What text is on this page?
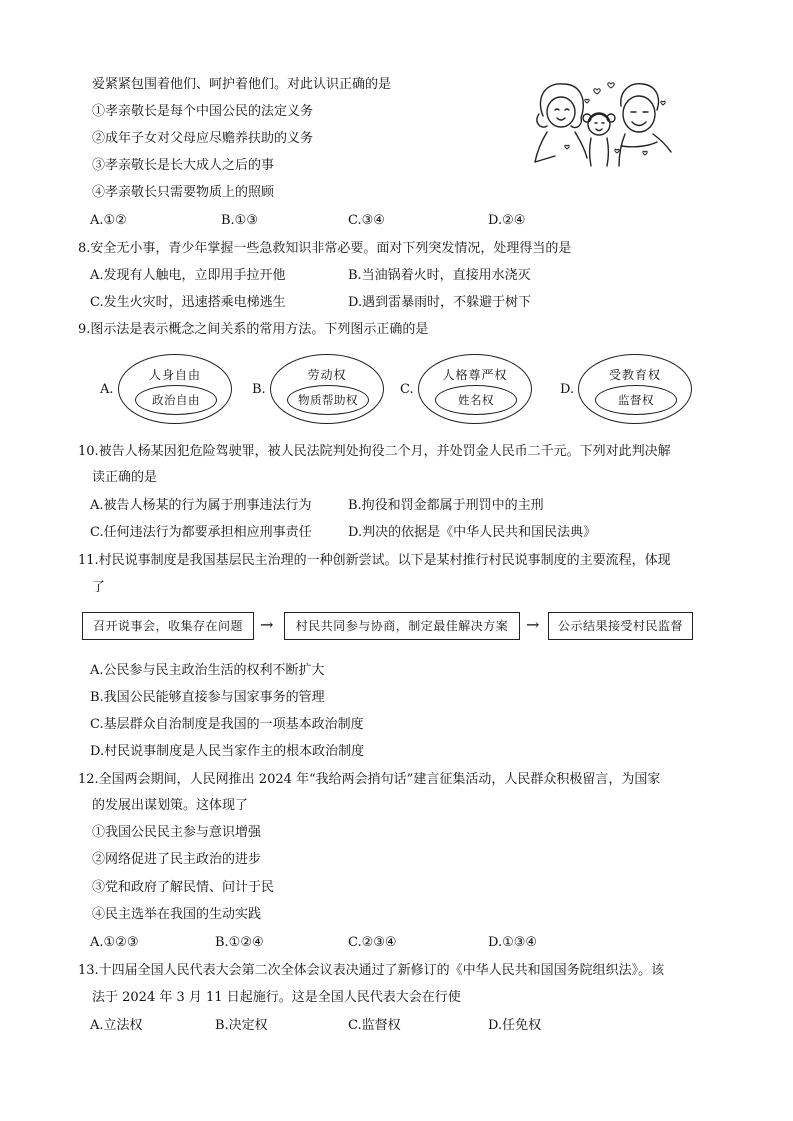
爱紧紧包围着他们、呵护着他们。对此认识正确的是
①孝亲敬长是每个中国公民的法定义务
②成年子女对父母应尽赡养扶助的义务
③孝亲敬长是长大成人之后的事
④孝亲敬长只需要物质上的照顾
A.①②	B.①③	C.③④	D.②④
8.安全无小事，青少年掌握一些急救知识非常必要。面对下列突发情况，处理得当的是
A.发现有人触电，立即用手拉开他	B.当油锅着火时，直接用水浇灭
C.发生火灾时，迅速搭乘电梯逃生	D.遇到雷暴雨时，不躲避于树下
9.图示法是表示概念之间关系的常用方法。下列图示正确的是
A.
人身自由
政治自由
B.
劳动权
物质帮助权
C.
人格尊严权
姓名权
D.
受教育权
监督权
10.被告人杨某因犯危险驾驶罪，被人民法院判处拘役二个月，并处罚金人民币二千元。下列对此判决解
读正确的是
A.被告人杨某的行为属于刑事违法行为	B.拘役和罚金都属于刑罚中的主刑
C.任何违法行为都要承担相应刑事责任	D.判决的依据是《中华人民共和国民法典》
11.村民说事制度是我国基层民主治理的一种创新尝试。以下是某村推行村民说事制度的主要流程，体现
了
召开说事会，收集存在问题	→	村民共同参与协商，制定最佳解决方案	→	公示结果接受村民监督
A.公民参与民主政治生活的权利不断扩大
B.我国公民能够直接参与国家事务的管理
C.基层群众自治制度是我国的一项基本政治制度
D.村民说事制度是人民当家作主的根本政治制度
12.全国两会期间，人民网推出 2024 年“我给两会捎句话”建言征集活动，人民群众积极留言，为国家
的发展出谋划策。这体现了
①我国公民民主参与意识增强
②网络促进了民主政治的进步
③党和政府了解民情、问计于民
④民主选举在我国的生动实践
A.①②③	B.①②④	C.②③④	D.①③④
13.十四届全国人民代表大会第二次全体会议表决通过了新修订的《中华人民共和国国务院组织法》。该
法于 2024 年 3 月 11 日起施行。这是全国人民代表大会在行使
A.立法权	B.决定权	C.监督权	D.任免权
